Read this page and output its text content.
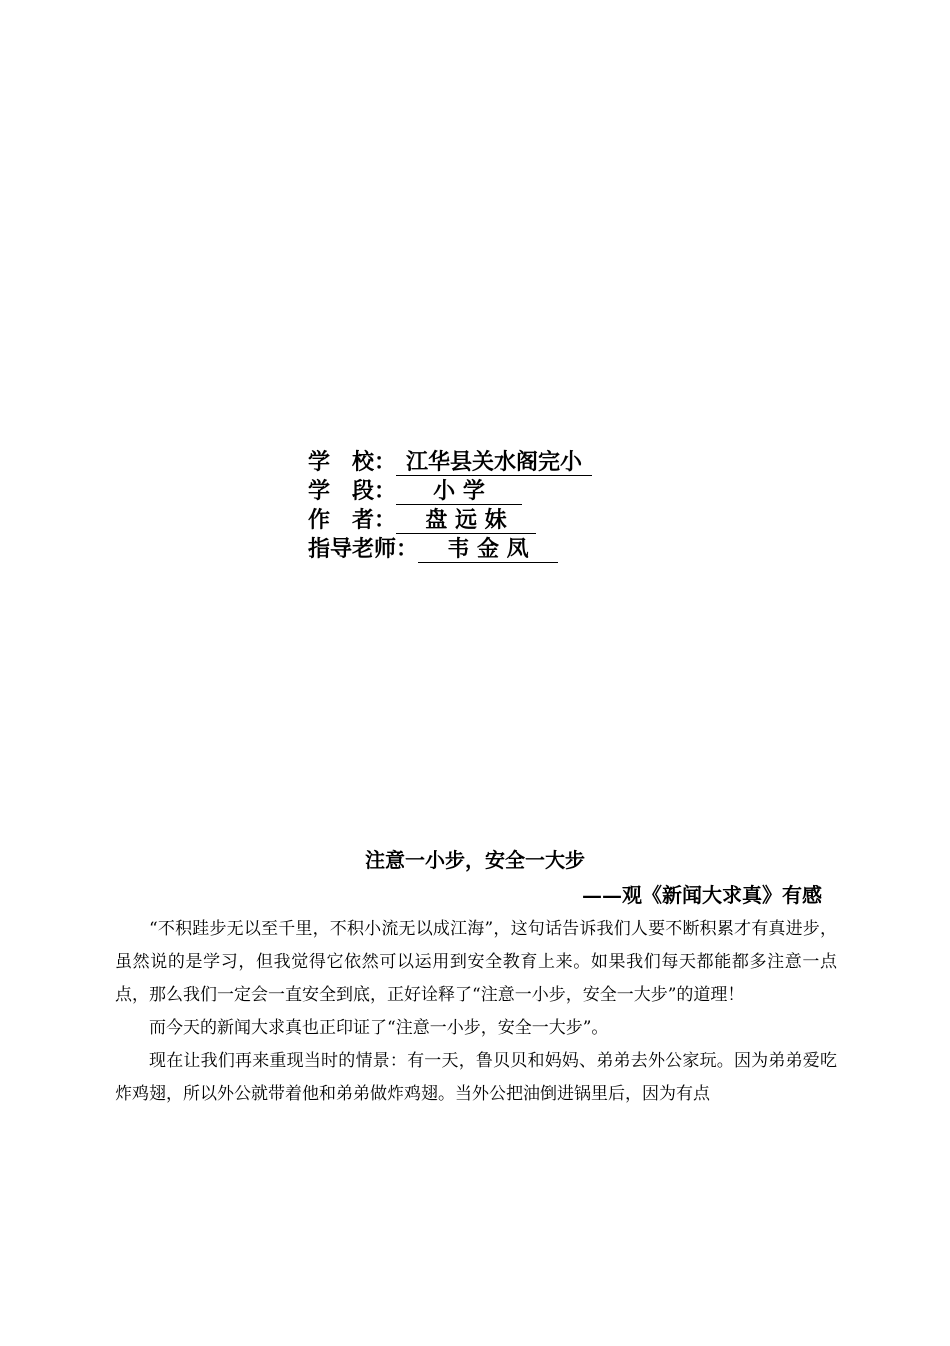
学　校： 江华县关水阁完小
学　段： 小 学
作　者： 盘 远 妹
指导老师： 韦 金 凤
注意一小步，安全一大步
——观《新闻大求真》有感

“不积跬步无以至千里，不积小流无以成江海”，这句话告诉我们人要不断积累才有真进步，虽然说的是学习，但我觉得它依然可以运用到安全教育上来。如果我们每天都能都多注意一点点，那么我们一定会一直安全到底，正好诠释了“注意一小步，安全一大步”的道理！

而今天的新闻大求真也正印证了“注意一小步，安全一大步”。

现在让我们再来重现当时的情景：有一天，鲁贝贝和妈妈、弟弟去外公家玩。因为弟弟爱吃炸鸡翅，所以外公就带着他和弟弟做炸鸡翅。当外公把油倒进锅里后，因为有点
